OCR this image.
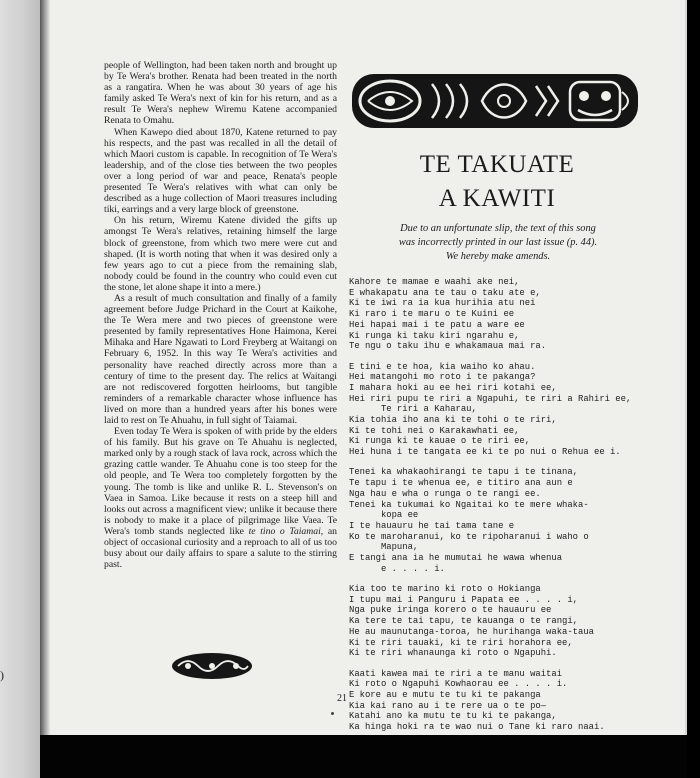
)

people of Wellington, had been taken north and brought up by Te Wera's brother. Renata had been treated in the north as a rangatira. When he was about 30 years of age his family asked Te Wera's next of kin for his return, and as a result Te Wera's nephew Wiremu Katene accompanied Renata to Omahu.

When Kawepo died about 1870, Katene returned to pay his respects, and the past was recalled in all the detail of which Maori custom is capable. In recognition of Te Wera's leadership, and of the close ties between the two peoples over a long period of war and peace, Renata's people presented Te Wera's relatives with what can only be described as a huge collection of Maori treasures including tiki, earrings and a very large block of greenstone.

On his return, Wiremu Katene divided the gifts up amongst Te Wera's relatives, retaining himself the large block of greenstone, from which two mere were cut and shaped. (It is worth noting that when it was desired only a few years ago to cut a piece from the remaining slab, nobody could be found in the country who could even cut the stone, let alone shape it into a mere.)

As a result of much consultation and finally of a family agreement before Judge Prichard in the Court at Kaikohe, the Te Wera mere and two pieces of greenstone were presented by family representatives Hone Haimona, Kerei Mihaka and Hare Ngawati to Lord Freyberg at Waitangi on February 6, 1952. In this way Te Wera's activities and personality have reached directly across more than a century of time to the present day. The relics at Waitangi are not rediscovered forgotten heirlooms, but tangible reminders of a remarkable character whose influence has lived on more than a hundred years after his bones were laid to rest on Te Ahuahu, in full sight of Taiamai.

Even today Te Wera is spoken of with pride by the elders of his family. But his grave on Te Ahuahu is neglected, marked only by a rough stack of lava rock, across which the grazing cattle wander. Te Ahuahu cone is too steep for the old people, and Te Wera too completely forgotten by the young. The tomb is like and unlike R. L. Stevenson's on Vaea in Samoa. Like because it rests on a steep hill and looks out across a magnificent view; unlike it because there is nobody to make it a place of pilgrimage like Vaea. Te Wera's tomb stands neglected like te tino o Taiamai, an object of occasional curiosity and a reproach to all of us too busy about our daily affairs to spare a salute to the stirring past.

TE TAKUATE
A KAWITI
Due to an unfortunate slip, the text of this song
was incorrectly printed in our last issue (p. 44).
We hereby make amends.
Kahore te mamae e waahi ake nei,
E whakapatu ana te tau o taku ate e,
Ki te iwi ra ia kua hurihia atu nei
Ki raro i te maru o te Kuini ee
Hei hapai mai i te patu a ware ee
Ki runga ki taku kiri ngarahu e,
Te ngu o taku ihu e whakamaua mai ra.
E tini e te hoa, kia waiho ko ahau.
Hei matangohi mo roto i te pakanga?
I mahara hoki au ee hei riri kotahi ee,
Hei riri pupu te riri a Ngapuhi, te riri a Rahiri ee,
Te riri a Kaharau,
Kia tohia iho ana ki te tohi o te riri,
Ki te tohi nei o Karakawhati ee,
Ki runga ki te kauae o te riri ee,
Hei huna i te tangata ee ki te po nui o Rehua ee i.
Tenei ka whakaohirangi te tapu i te tinana,
Te tapu i te whenua ee, e titiro ana aun e
Nga hau e wha o runga o te rangi ee.
Tenei ka tukumai ko Ngaitai ko te mere whaka-
kopa ee
I te hauauru he tai tama tane e
Ko te maroharanui, ko te ripoharanui i waho o
Mapuna,
E tangi ana ia he mumutai he wawa whenua
e . . . . i.
Kia too te marino ki roto o Hokianga
I tupu mai i Panguru i Papata ee . . . . i,
Nga puke iringa korero o te hauauru ee
Ka tere te tai tapu, te kauanga o te rangi,
He au maunutanga-toroa, he hurihanga waka-taua
Ki te riri tauaki, ki te riri horahora ee,
Ki te riri whanaunga ki roto o Ngapuhi.
Kaati kawea mai te riri a te manu waitai
Ki roto o Ngapuhi Kowhaorau ee . . . . i.
E kore au e mutu te tu ki te pakanga
Kia kai rano au i te rere ua o te po—
Katahi ano ka mutu te tu ki te pakanga,
Ka hinga hoki ra te wao nui o Tane ki raro naai.
21
